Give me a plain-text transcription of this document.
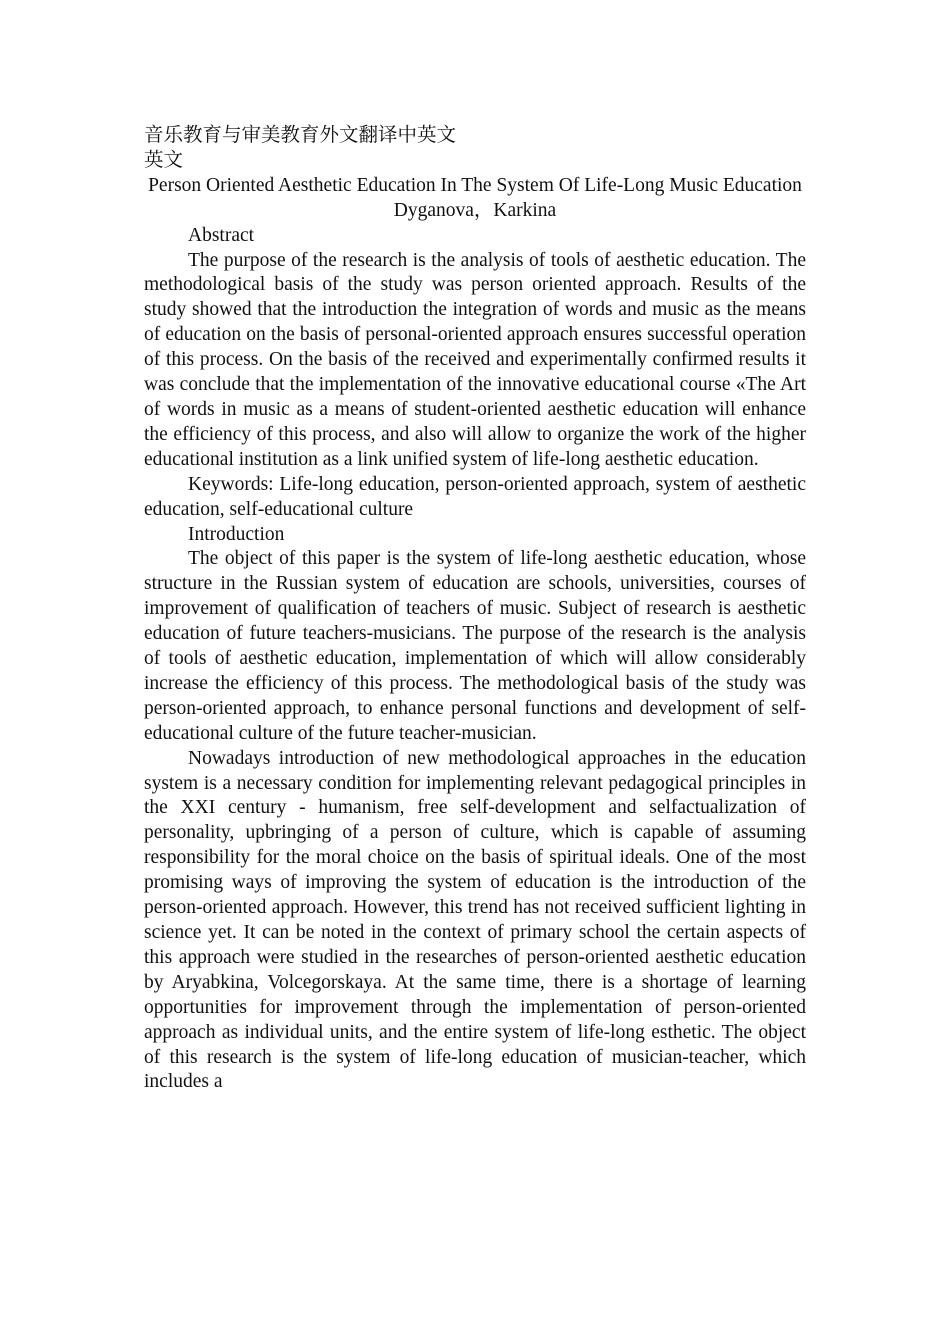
音乐教育与审美教育外文翻译中英文

英文

Person Oriented Aesthetic Education In The System Of Life-Long Music Education

Dyganova，Karkina

Abstract

The purpose of the research is the analysis of tools of aesthetic education. The methodological basis of the study was person oriented approach. Results of the study showed that the introduction the integration of words and music as the means of education on the basis of personal-oriented approach ensures successful operation of this process. On the basis of the received and experimentally confirmed results it was conclude that the implementation of the innovative educational course «The Art of words in music as a means of student-oriented aesthetic education will enhance the efficiency of this process, and also will allow to organize the work of the higher educational institution as a link unified system of life-long aesthetic education.

Keywords: Life-long education, person-oriented approach, system of aesthetic education, self-educational culture

Introduction

The object of this paper is the system of life-long aesthetic education, whose structure in the Russian system of education are schools, universities, courses of improvement of qualification of teachers of music. Subject of research is aesthetic education of future teachers-musicians. The purpose of the research is the analysis of tools of aesthetic education, implementation of which will allow considerably increase the efficiency of this process. The methodological basis of the study was person-oriented approach, to enhance personal functions and development of self-educational culture of the future teacher-musician.

Nowadays introduction of new methodological approaches in the education system is a necessary condition for implementing relevant pedagogical principles in the XXI century - humanism, free self-development and selfactualization of personality, upbringing of a person of culture, which is capable of assuming responsibility for the moral choice on the basis of spiritual ideals. One of the most promising ways of improving the system of education is the introduction of the person-oriented approach. However, this trend has not received sufficient lighting in science yet. It can be noted in the context of primary school the certain aspects of this approach were studied in the researches of person-oriented aesthetic education by Aryabkina, Volcegorskaya. At the same time, there is a shortage of learning opportunities for improvement through the implementation of person-oriented approach as individual units, and the entire system of life-long esthetic. The object of this research is the system of life-long education of musician-teacher, which includes a
